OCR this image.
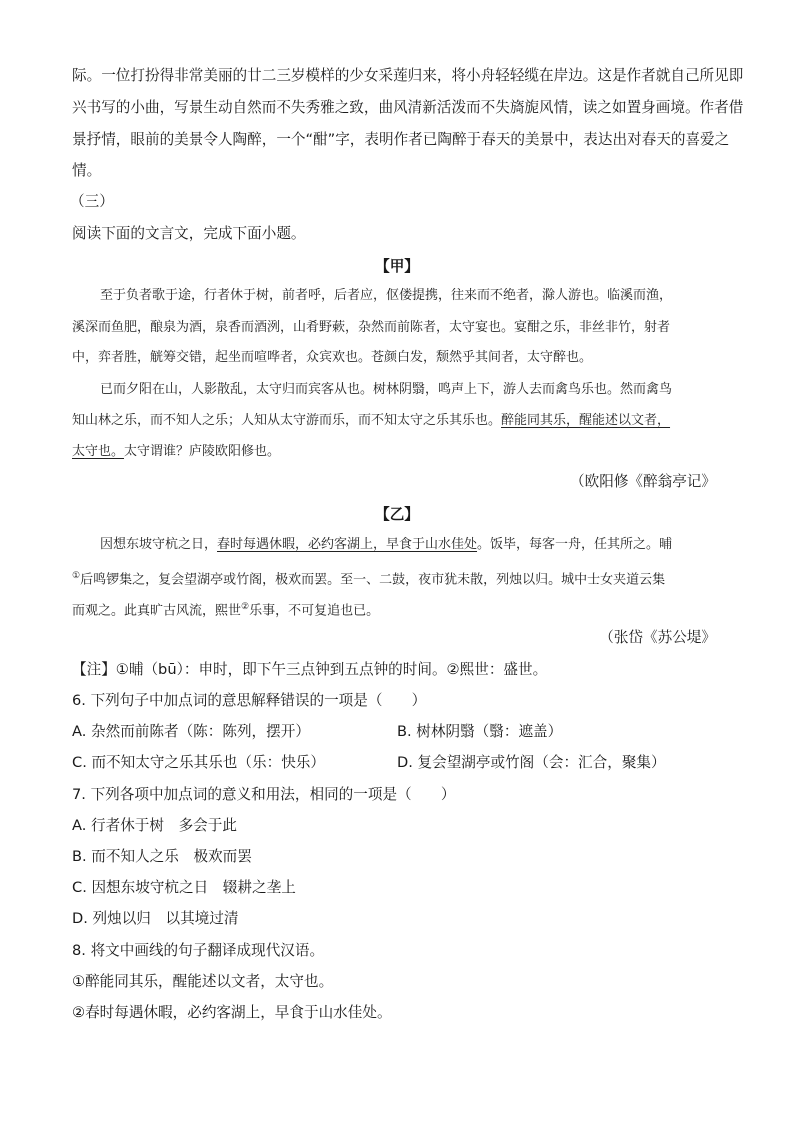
际。一位打扮得非常美丽的廿二三岁模样的少女采莲归来，将小舟轻轻缆在岸边。这是作者就自己所见即
兴书写的小曲，写景生动自然而不失秀雅之致，曲风清新活泼而不失旖旎风情，读之如置身画境。作者借
景抒情，眼前的美景令人陶醉，一个“酣”字，表明作者已陶醉于春天的美景中，表达出对春天的喜爱之
情。
（三）
阅读下面的文言文，完成下面小题。
【甲】
至于负者歌于途，行者休于树，前者呼，后者应，伛偻提携，往来而不绝者，滁人游也。临溪而渔，
溪深而鱼肥，酿泉为酒，泉香而酒洌，山肴野蔌，杂然而前陈者，太守宴也。宴酣之乐，非丝非竹，射者
中，弈者胜，觥筹交错，起坐而喧哗者，众宾欢也。苍颜白发，颓然乎其间者，太守醉也。
已而夕阳在山，人影散乱，太守归而宾客从也。树林阴翳，鸣声上下，游人去而禽鸟乐也。然而禽鸟
知山林之乐，而不知人之乐；人知从太守游而乐，而不知太守之乐其乐也。醉能同其乐，醒能述以文者，
太守也。太守谓谁？庐陵欧阳修也。
（欧阳修《醉翁亭记》
【乙】
因想东坡守杭之日，春时每遇休暇，必约客湖上，早食于山水佳处。饭毕，每客一舟，任其所之。晡
①后鸣锣集之，复会望湖亭或竹阁，极欢而罢。至一、二鼓，夜市犹未散，列烛以归。城中士女夹道云集
而观之。此真旷古风流，熙世②乐事，不可复追也已。
（张岱《苏公堤》
【注】①晡（bū）：申时，即下午三点钟到五点钟的时间。②熙世：盛世。
6. 下列句子中加点词的意思解释错误的一项是（　　）
A. 杂然而前陈者（陈：陈列，摆开）	B. 树林阴翳（翳：遮盖）
C. 而不知太守之乐其乐也（乐：快乐）	D. 复会望湖亭或竹阁（会：汇合，聚集）
7. 下列各项中加点词的意义和用法，相同的一项是（　　）
A. 行者休于树　多会于此
B. 而不知人之乐　极欢而罢
C. 因想东坡守杭之日　辍耕之垄上
D. 列烛以归　以其境过清
8. 将文中画线的句子翻译成现代汉语。
①醉能同其乐，醒能述以文者，太守也。
②春时每遇休暇，必约客湖上，早食于山水佳处。
